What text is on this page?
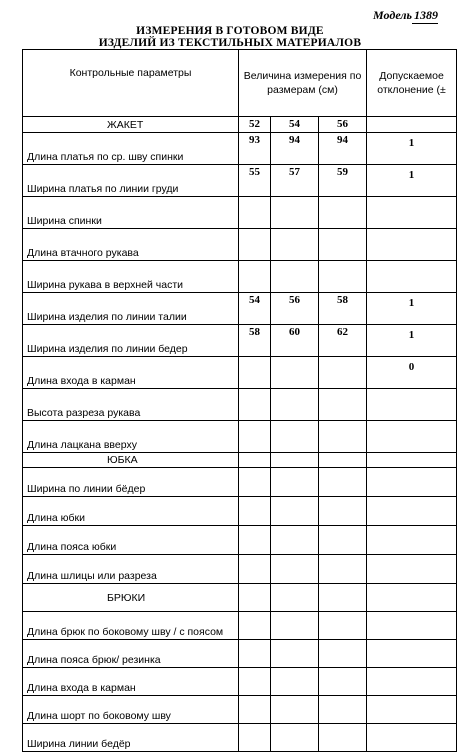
Модель 1389
ИЗМЕРЕНИЯ В ГОТОВОМ ВИДЕ
ИЗДЕЛИЙ ИЗ ТЕКСТИЛЬНЫХ МАТЕРИАЛОВ
Контрольные параметры	Величина измерения по размерам (см)			Допускаемое отклонение (±
ЖАКЕТ	52	54	56	
Длина платья по ср. шву спинки	93	94	94	1
Ширина платья по линии груди	55	57	59	1
Ширина спинки				
Длина втачного рукава				
Ширина рукава в верхней части				
Ширина изделия по линии талии	54	56	58	1
Ширина изделия по линии бедер	58	60	62	1
Длина входа в карман				0
Высота разреза рукава				
Длина лацкана вверху				
ЮБКА				
Ширина по линии бёдер				
Длина юбки				
Длина пояса юбки				
Длина шлицы или разреза				
БРЮКИ				
Длина брюк по боковому шву / с поясом				
Длина пояса брюк/ резинка				
Длина входа в карман				
Длина шорт по боковому шву				
Ширина линии бедёр				
